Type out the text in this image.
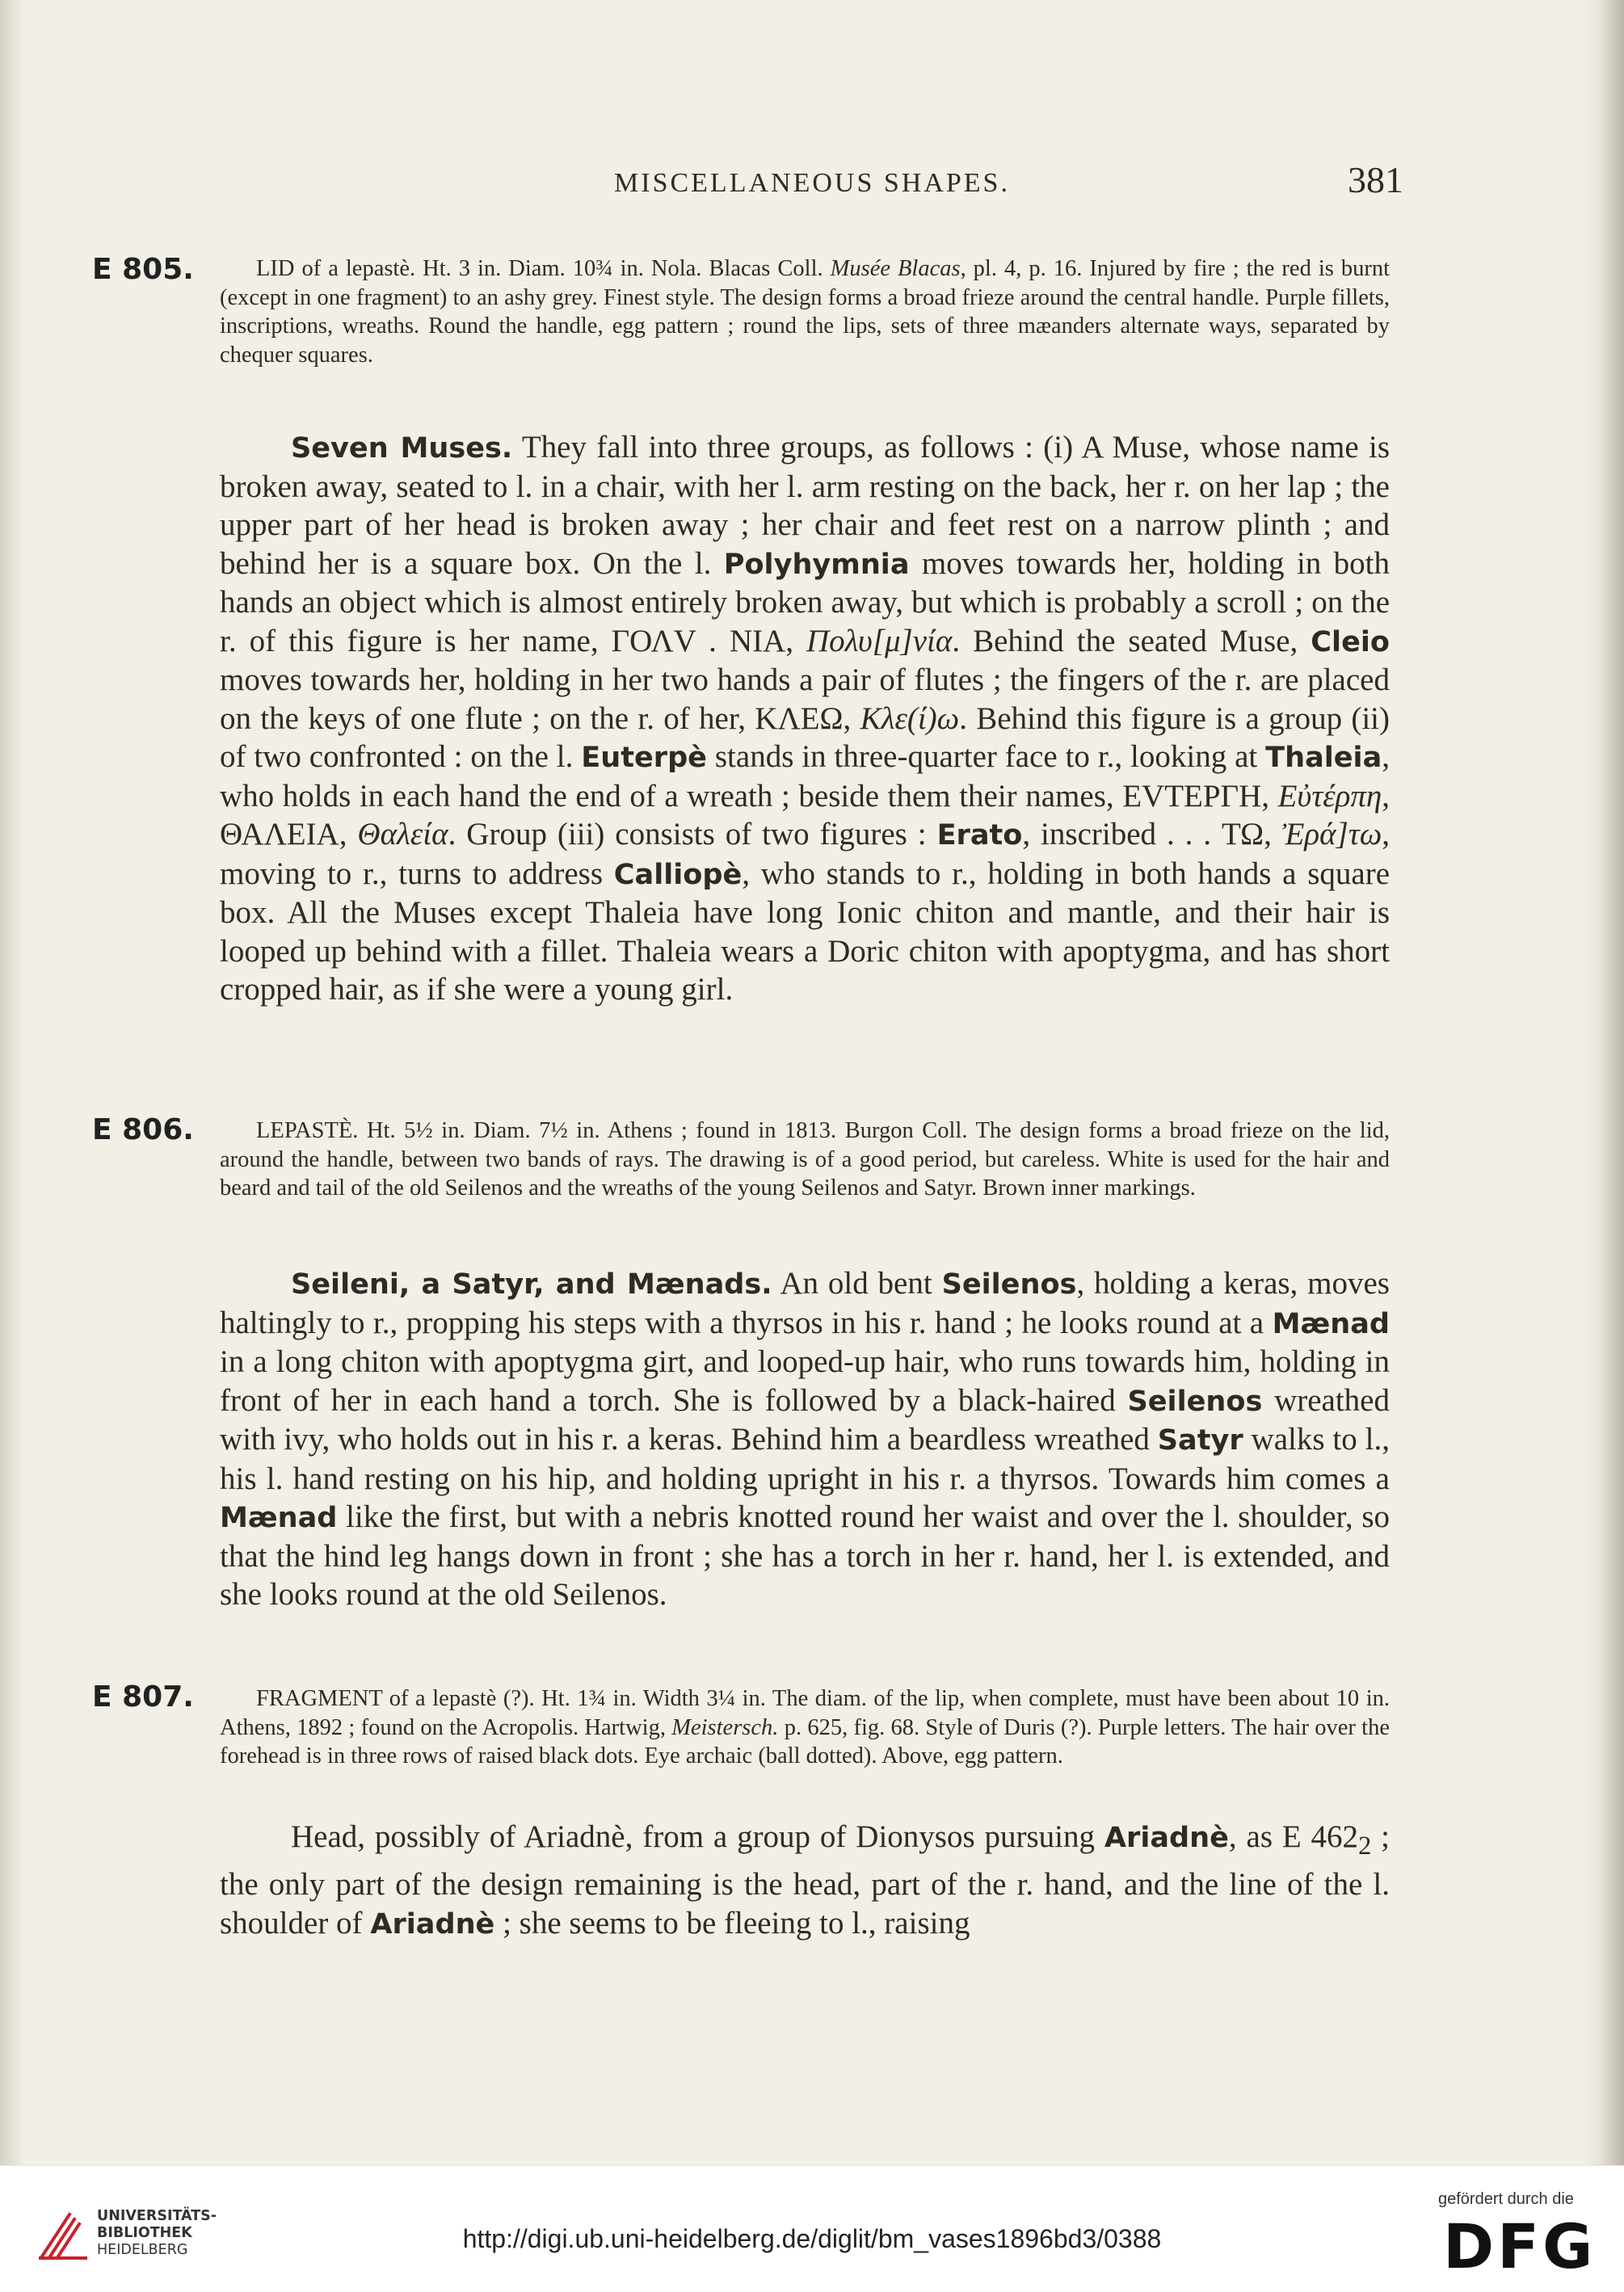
MISCELLANEOUS SHAPES.	381
E 805.	LID of a lepastè. Ht. 3 in. Diam. 10¾ in. Nola. Blacas Coll. Musée Blacas, pl. 4, p. 16. Injured by fire ; the red is burnt (except in one fragment) to an ashy grey. Finest style. The design forms a broad frieze around the central handle. Purple fillets, inscriptions, wreaths. Round the handle, egg pattern ; round the lips, sets of three mæanders alternate ways, separated by chequer squares.

Seven Muses. They fall into three groups, as follows : (i) A Muse, whose name is broken away, seated to l. in a chair, with her l. arm resting on the back, her r. on her lap ; the upper part of her head is broken away ; her chair and feet rest on a narrow plinth ; and behind her is a square box. On the l. Polyhymnia moves towards her, holding in both hands an object which is almost entirely broken away, but which is probably a scroll ; on the r. of this figure is her name, ΓΟΛV . ΝΙΑ, Πολυ[μ]νία. Behind the seated Muse, Cleio moves towards her, holding in her two hands a pair of flutes ; the fingers of the r. are placed on the keys of one flute ; on the r. of her, ΚΛΕΩ, Κλε(ί)ω. Behind this figure is a group (ii) of two confronted : on the l. Euterpè stands in three-quarter face to r., looking at Thaleia, who holds in each hand the end of a wreath ; beside them their names, ΕVΤΕΡΓΗ, Εὐτέρπη, ΘΑΛΕΙΑ, Θαλεία. Group (iii) consists of two figures : Erato, inscribed . . . ΤΩ, Ἐρά]τω, moving to r., turns to address Calliopè, who stands to r., holding in both hands a square box. All the Muses except Thaleia have long Ionic chiton and mantle, and their hair is looped up behind with a fillet. Thaleia wears a Doric chiton with apoptygma, and has short cropped hair, as if she were a young girl.

E 806.	LEPASTÈ. Ht. 5½ in. Diam. 7½ in. Athens ; found in 1813. Burgon Coll. The design forms a broad frieze on the lid, around the handle, between two bands of rays. The drawing is of a good period, but careless. White is used for the hair and beard and tail of the old Seilenos and the wreaths of the young Seilenos and Satyr. Brown inner markings.

Seileni, a Satyr, and Mænads. An old bent Seilenos, holding a keras, moves haltingly to r., propping his steps with a thyrsos in his r. hand ; he looks round at a Mænad in a long chiton with apoptygma girt, and looped-up hair, who runs towards him, holding in front of her in each hand a torch. She is followed by a black-haired Seilenos wreathed with ivy, who holds out in his r. a keras. Behind him a beardless wreathed Satyr walks to l., his l. hand resting on his hip, and holding upright in his r. a thyrsos. Towards him comes a Mænad like the first, but with a nebris knotted round her waist and over the l. shoulder, so that the hind leg hangs down in front ; she has a torch in her r. hand, her l. is extended, and she looks round at the old Seilenos.

E 807.	FRAGMENT of a lepastè (?). Ht. 1¾ in. Width 3¼ in. The diam. of the lip, when complete, must have been about 10 in. Athens, 1892 ; found on the Acropolis. Hartwig, Meistersch. p. 625, fig. 68. Style of Duris (?). Purple letters. The hair over the forehead is in three rows of raised black dots. Eye archaic (ball dotted). Above, egg pattern.

Head, possibly of Ariadnè, from a group of Dionysos pursuing Ariadnè, as E $462_2$ ; the only part of the design remaining is the head, part of the r. hand, and the line of the l. shoulder of Ariadnè ; she seems to be fleeing to l., raising

UNIVERSITÄTS-
BIBLIOTHEK
HEIDELBERG	http://digi.ub.uni-heidelberg.de/diglit/bm_vases1896bd3/0388
gefördert durch die
DFG
